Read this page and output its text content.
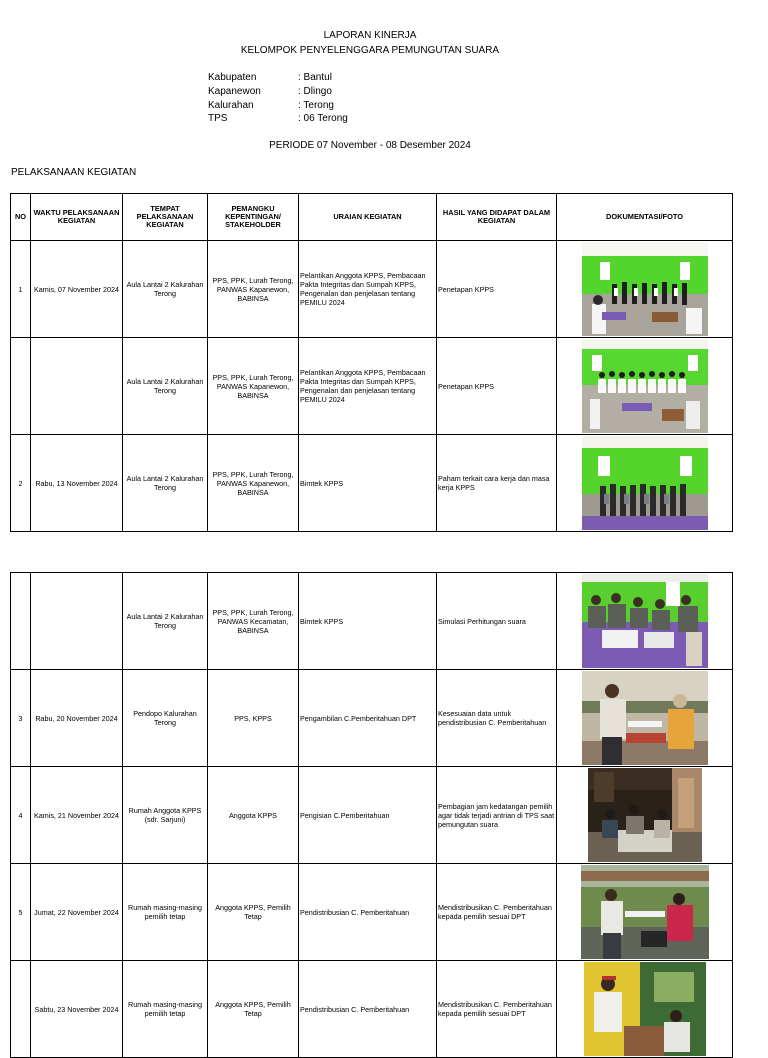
LAPORAN KINERJA
KELOMPOK PENYELENGGARA PEMUNGUTAN SUARA
Kabupaten	: Bantul
Kapanewon	: Dlingo
Kalurahan	: Terong
TPS	: 06 Terong
PERIODE 07 November - 08 Desember 2024
PELAKSANAAN KEGIATAN
NO	WAKTU PELAKSANAAN KEGIATAN	TEMPAT PELAKSANAAN KEGIATAN	PEMANGKU KEPENTINGAN/ STAKEHOLDER	URAIAN KEGIATAN	HASIL YANG DIDAPAT DALAM KEGIATAN	DOKUMENTASI/FOTO
1	Kamis, 07 November 2024	Aula Lantai 2 Kalurahan Terong	PPS, PPK, Lurah Terong, PANWAS Kapanewon, BABINSA	Pelantikan Anggota KPPS, Pembacaan Pakta Integritas dan Sumpah KPPS, Pengenalan dan penjelasan tentang PEMILU 2024	Penetapan KPPS	

		Aula Lantai 2 Kalurahan Terong	PPS, PPK, Lurah Terong, PANWAS Kapanewon, BABINSA	Pelantikan Anggota KPPS, Pembacaan Pakta Integritas dan Sumpah KPPS, Pengenalan dan penjelasan tentang PEMILU 2024	Penetapan KPPS	

2	Rabu, 13 November 2024	Aula Lantai 2 Kalurahan Terong	PPS, PPK, Lurah Terong, PANWAS Kapanewon, BABINSA	Bimtek KPPS	Paham terkait cara kerja dan masa kerja KPPS	
		Aula Lantai 2 Kalurahan Terong	PPS, PPK, Lurah Terong, PANWAS Kecamatan, BABINSA	Bimtek KPPS	Simulasi Perhitungan suara	

3	Rabu, 20 November 2024	Pendopo Kalurahan Terong	PPS, KPPS	Pengambilan C.Pemberitahuan DPT	Kesesuaian data untuk pendistribusian C. Pemberitahuan	

4	Kamis, 21 November 2024	Rumah Anggota KPPS (sdr. Sarjuni)	Anggota KPPS	Pengisian C.Pemberitahuan	Pembagian jam kedatangan pemilih agar tidak terjadi antrian di TPS saat pemungutan suara	

5	Jumat, 22 November 2024	Rumah masing-masing pemilih tetap	Anggota KPPS, Pemilih Tetap	Pendistribusian C. Pemberitahuan	Mendistribusikan C. Pemberitahuan kepada pemilih sesuai DPT	

	Sabtu, 23 November 2024	Rumah masing-masing pemilih tetap	Anggota KPPS, Pemilih Tetap	Pendistribusian C. Pemberitahuan	Mendistribusikan C. Pemberitahuan kepada pemilih sesuai DPT	
